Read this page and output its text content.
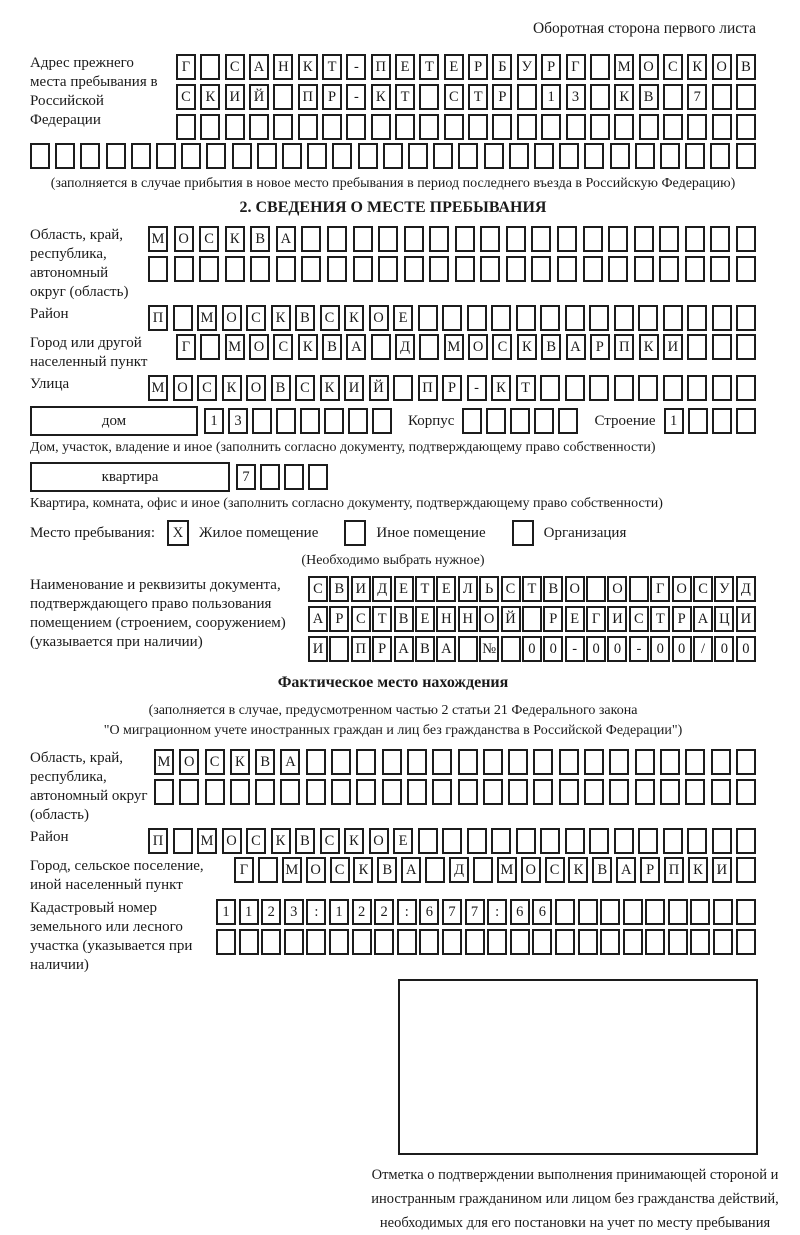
Оборотная сторона первого листа
Адрес прежнего места пребывания в Российской Федерации
Г	С А Н К	Т	-	П	Е	Т	Е	Р	Б	У	Р	Г	М О С	К О В
С	К И Й	П	Р	-	К	Т	С	Т	Р	1	3	К	В	7
(заполняется в случае прибытия в новое место пребывания в период последнего въезда в Российскую Федерацию)
2. СВЕДЕНИЯ О МЕСТЕ ПРЕБЫВАНИЯ
Область, край, республика, автономный округ (область)
М О	С	К	В	А
Район	П	М О С	К	В	С	К О	Е
Город или другой населенный пункт
Г	М О С	К	В А	Д	М О С	К	В А	Р	П К И
Улица	М О С	К О В	С	К И Й	П	Р	-	К	Т
дом	1	3	Корпус	Строение 1
Дом, участок, владение и иное (заполнить согласно документу, подтверждающему право собственности)
квартира	7
Квартира, комната, офис и иное (заполнить согласно документу, подтверждающему право собственности)
Место пребывания:	X	Жилое помещение	Иное помещение	Организация
(Необходимо выбрать нужное)
Наименование и реквизиты документа, подтверждающего право пользования помещением (строением, сооружением) (указывается при наличии)
С В И Д Е Т Е Л Ь С Т В О	О	Г О С У Д
А Р С Т В Е Н Н О Й	Р Е Г И С Т Р А Ц И
И	П Р А В А	№	0 0	-	0 0	-	0 0	/	0 0
Фактическое место нахождения
(заполняется в случае, предусмотренном частью 2 статьи 21 Федерального закона
"О миграционном учете иностранных граждан и лиц без гражданства в Российской Федерации")
Область, край, республика, автономный округ (область)
М О	С	К	В	А
Район	П	М О С	К	В	С	К О	Е
Город, сельское поселение, иной населенный пункт
Г	М О С К В А	Д	М О С К В А	Р	П К И
Кадастровый номер земельного или лесного участка (указывается при наличии)
1	1	2	3	:	1	2	2	:	6	7	7	:	6	6
Отметка о подтверждении выполнения принимающей стороной и иностранным гражданином или лицом без гражданства действий, необходимых для его постановки на учет по месту пребывания
